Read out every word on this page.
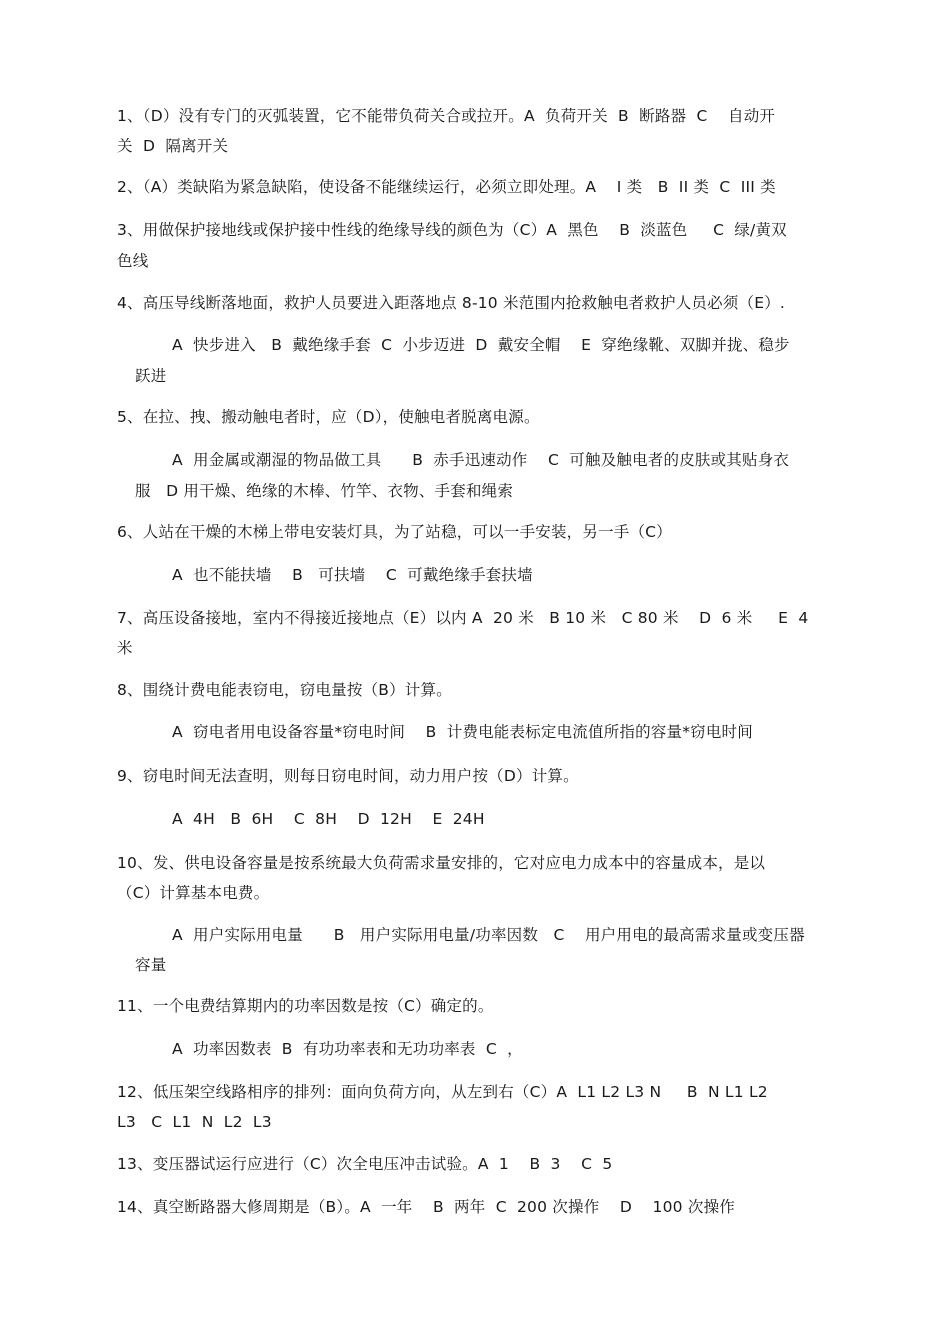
1、（D）没有专门的灭弧装置，它不能带负荷关合或拉开。A  负荷开关  B  断路器  C    自动开
关  D  隔离开关
2、（A）类缺陷为紧急缺陷，使设备不能继续运行，必须立即处理。A    I 类   B  II 类  C  III 类
3、用做保护接地线或保护接中性线的绝缘导线的颜色为（C）A  黑色    B  淡蓝色     C  绿/黄双
色线
4、高压导线断落地面，救护人员要进入距落地点 8-10 米范围内抢救触电者救护人员必须（E）.
A  快步进入   B  戴绝缘手套  C  小步迈进  D  戴安全帽    E  穿绝缘靴、双脚并拢、稳步
跃进
5、在拉、拽、搬动触电者时，应（D），使触电者脱离电源。
A  用金属或潮湿的物品做工具      B  赤手迅速动作    C  可触及触电者的皮肤或其贴身衣
服   D 用干燥、绝缘的木棒、竹竿、衣物、手套和绳索
6、人站在干燥的木梯上带电安装灯具，为了站稳，可以一手安装，另一手（C）
A  也不能扶墙    B   可扶墙    C  可戴绝缘手套扶墙
7、高压设备接地，室内不得接近接地点（E）以内 A  20 米   B 10 米   C 80 米    D  6 米     E  4
米
8、围绕计费电能表窃电，窃电量按（B）计算。
A  窃电者用电设备容量*窃电时间    B  计费电能表标定电流值所指的容量*窃电时间
9、窃电时间无法查明，则每日窃电时间，动力用户按（D）计算。
A  4H   B  6H    C  8H    D  12H    E  24H
10、发、供电设备容量是按系统最大负荷需求量安排的，它对应电力成本中的容量成本，是以
（C）计算基本电费。
A  用户实际用电量      B   用户实际用电量/功率因数   C    用户用电的最高需求量或变压器
容量
11、一个电费结算期内的功率因数是按（C）确定的。
A  功率因数表  B  有功功率表和无功功率表  C  ，
12、低压架空线路相序的排列：面向负荷方向，从左到右（C）A  L1 L2 L3 N     B  N L1 L2
L3   C  L1  N  L2  L3
13、变压器试运行应进行（C）次全电压冲击试验。A  1    B  3    C  5
14、真空断路器大修周期是（B）。A  一年    B  两年  C  200 次操作    D    100 次操作
